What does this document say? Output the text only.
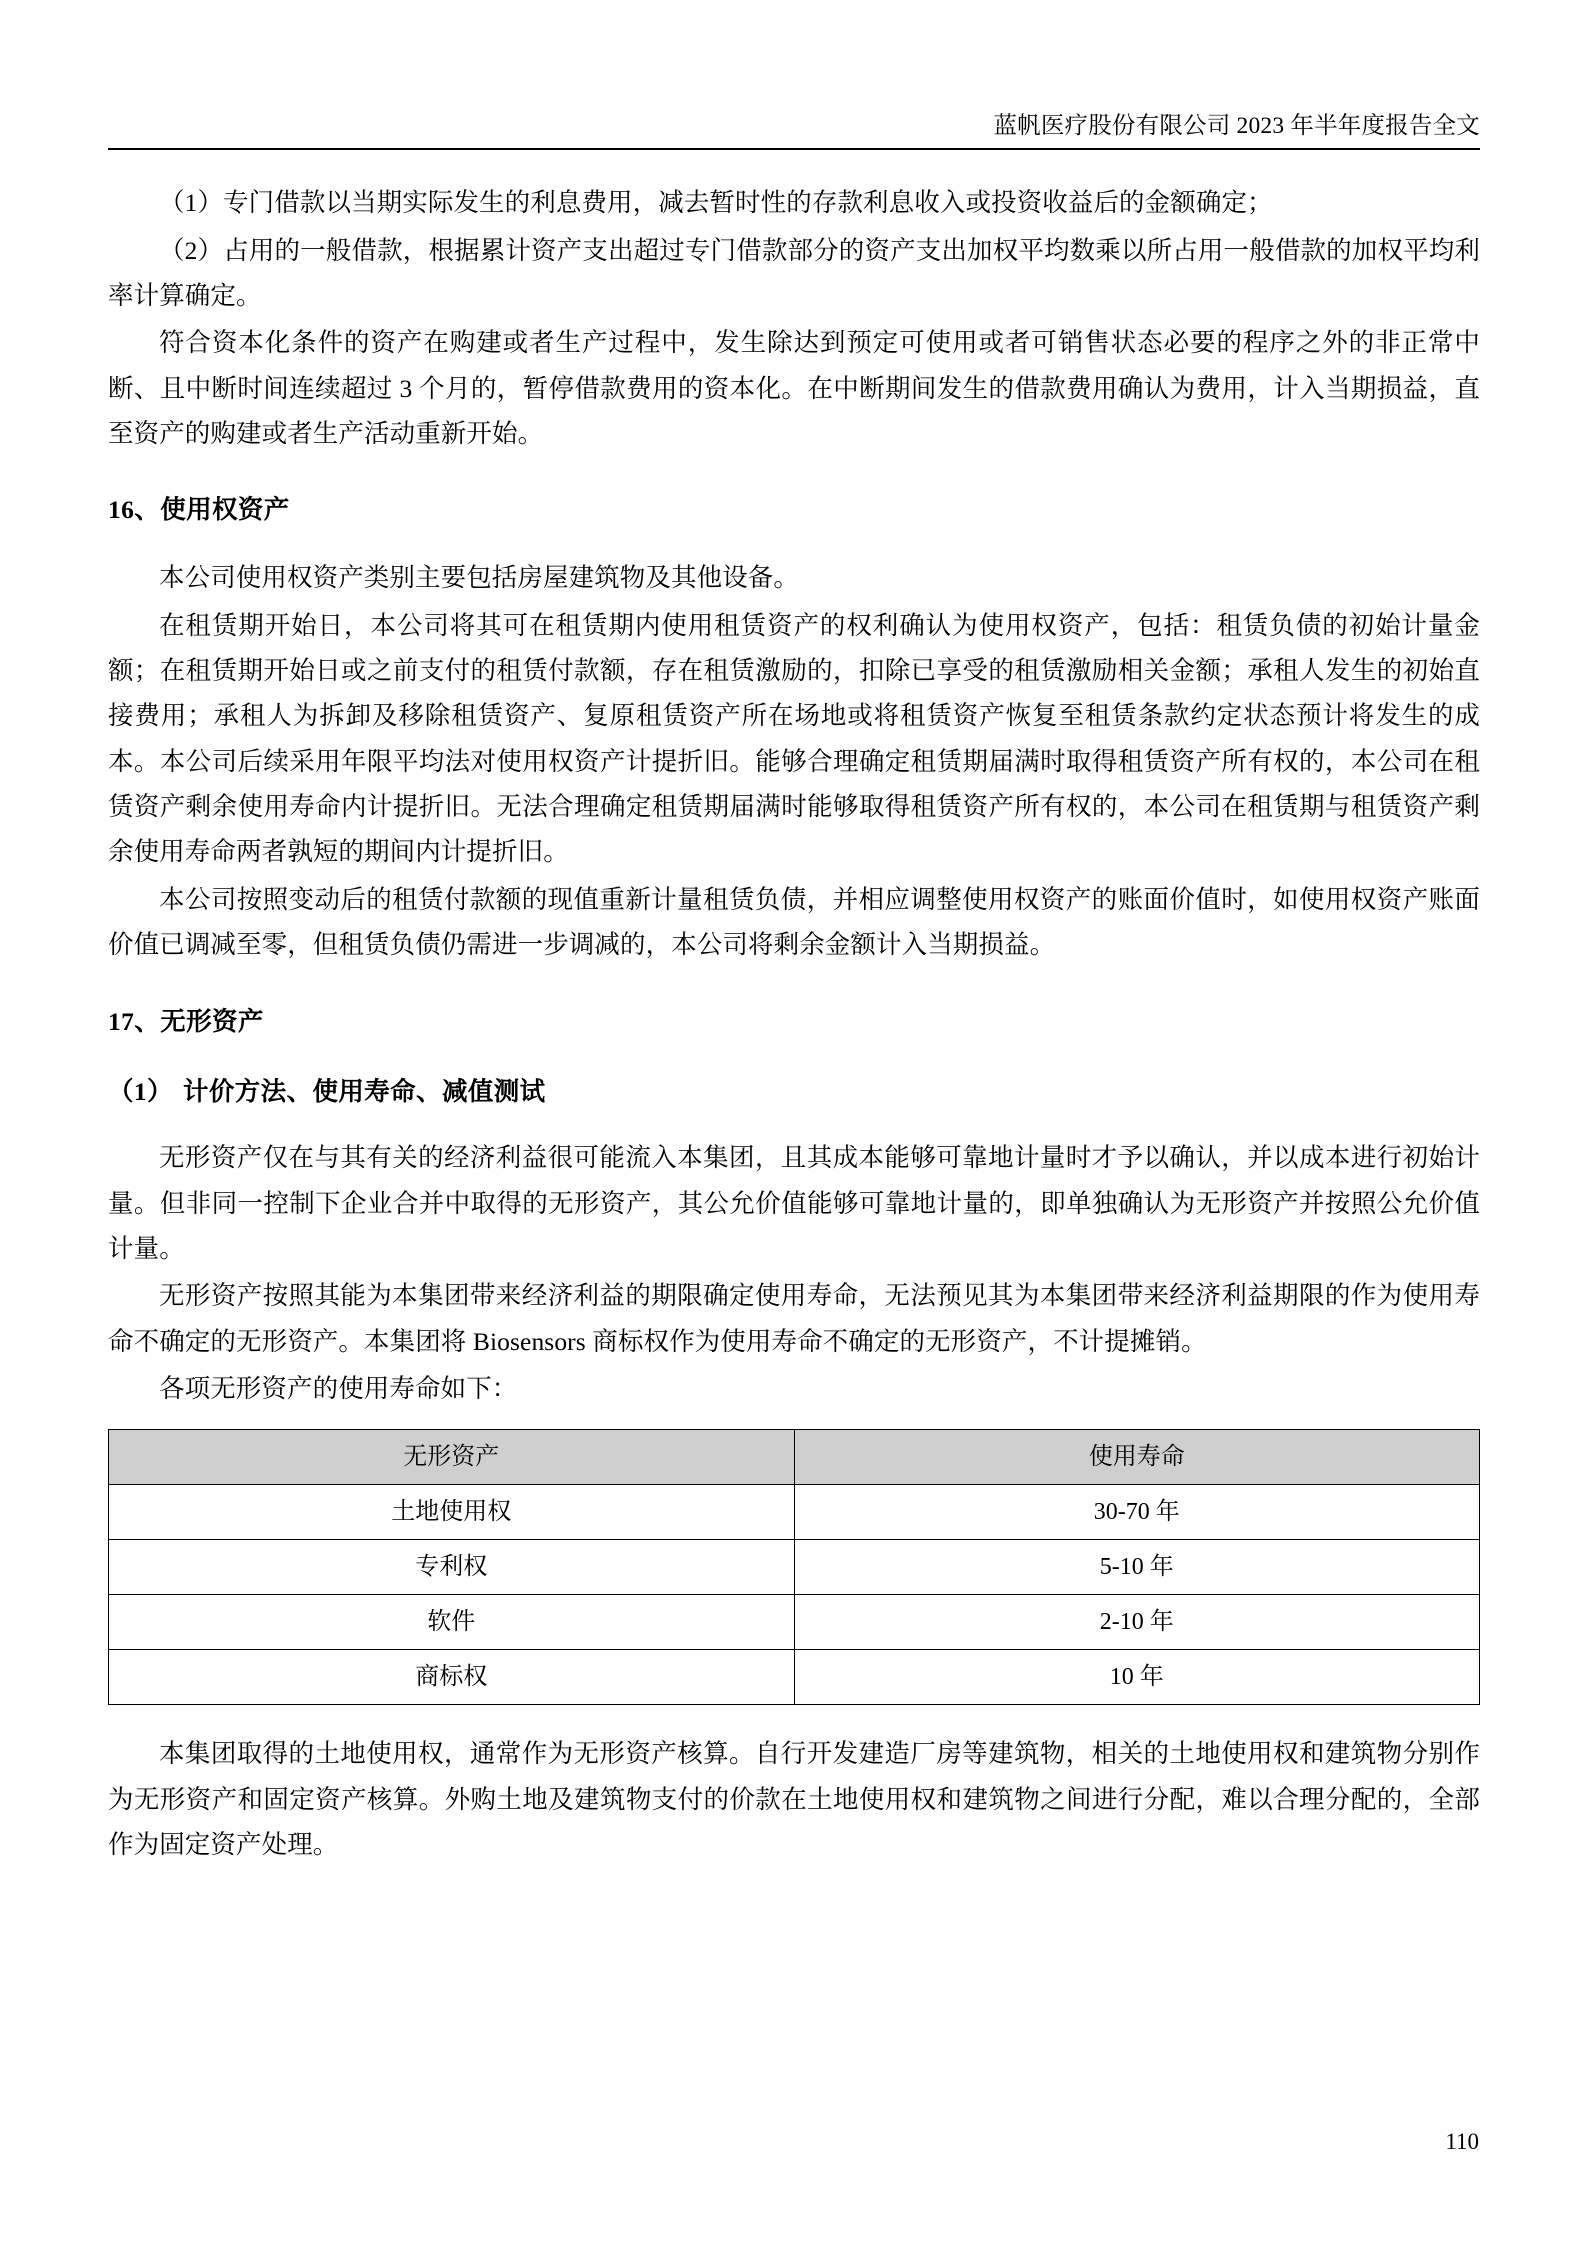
蓝帆医疗股份有限公司 2023 年半年度报告全文

（1）专门借款以当期实际发生的利息费用，减去暂时性的存款利息收入或投资收益后的金额确定；

（2）占用的一般借款，根据累计资产支出超过专门借款部分的资产支出加权平均数乘以所占用一般借款的加权平均利率计算确定。

符合资本化条件的资产在购建或者生产过程中，发生除达到预定可使用或者可销售状态必要的程序之外的非正常中断、且中断时间连续超过 3 个月的，暂停借款费用的资本化。在中断期间发生的借款费用确认为费用，计入当期损益，直至资产的购建或者生产活动重新开始。

16、使用权资产

本公司使用权资产类别主要包括房屋建筑物及其他设备。

在租赁期开始日，本公司将其可在租赁期内使用租赁资产的权利确认为使用权资产，包括：租赁负债的初始计量金额；在租赁期开始日或之前支付的租赁付款额，存在租赁激励的，扣除已享受的租赁激励相关金额；承租人发生的初始直接费用；承租人为拆卸及移除租赁资产、复原租赁资产所在场地或将租赁资产恢复至租赁条款约定状态预计将发生的成本。本公司后续采用年限平均法对使用权资产计提折旧。能够合理确定租赁期届满时取得租赁资产所有权的，本公司在租赁资产剩余使用寿命内计提折旧。无法合理确定租赁期届满时能够取得租赁资产所有权的，本公司在租赁期与租赁资产剩余使用寿命两者孰短的期间内计提折旧。

本公司按照变动后的租赁付款额的现值重新计量租赁负债，并相应调整使用权资产的账面价值时，如使用权资产账面价值已调减至零，但租赁负债仍需进一步调减的，本公司将剩余金额计入当期损益。

17、无形资产
（1） 计价方法、使用寿命、减值测试

无形资产仅在与其有关的经济利益很可能流入本集团，且其成本能够可靠地计量时才予以确认，并以成本进行初始计量。但非同一控制下企业合并中取得的无形资产，其公允价值能够可靠地计量的，即单独确认为无形资产并按照公允价值计量。

无形资产按照其能为本集团带来经济利益的期限确定使用寿命，无法预见其为本集团带来经济利益期限的作为使用寿命不确定的无形资产。本集团将 Biosensors 商标权作为使用寿命不确定的无形资产，不计提摊销。

各项无形资产的使用寿命如下：

无形资产	使用寿命
土地使用权	30-70 年
专利权	5-10 年
软件	2-10 年
商标权	10 年

本集团取得的土地使用权，通常作为无形资产核算。自行开发建造厂房等建筑物，相关的土地使用权和建筑物分别作为无形资产和固定资产核算。外购土地及建筑物支付的价款在土地使用权和建筑物之间进行分配，难以合理分配的，全部作为固定资产处理。

110
